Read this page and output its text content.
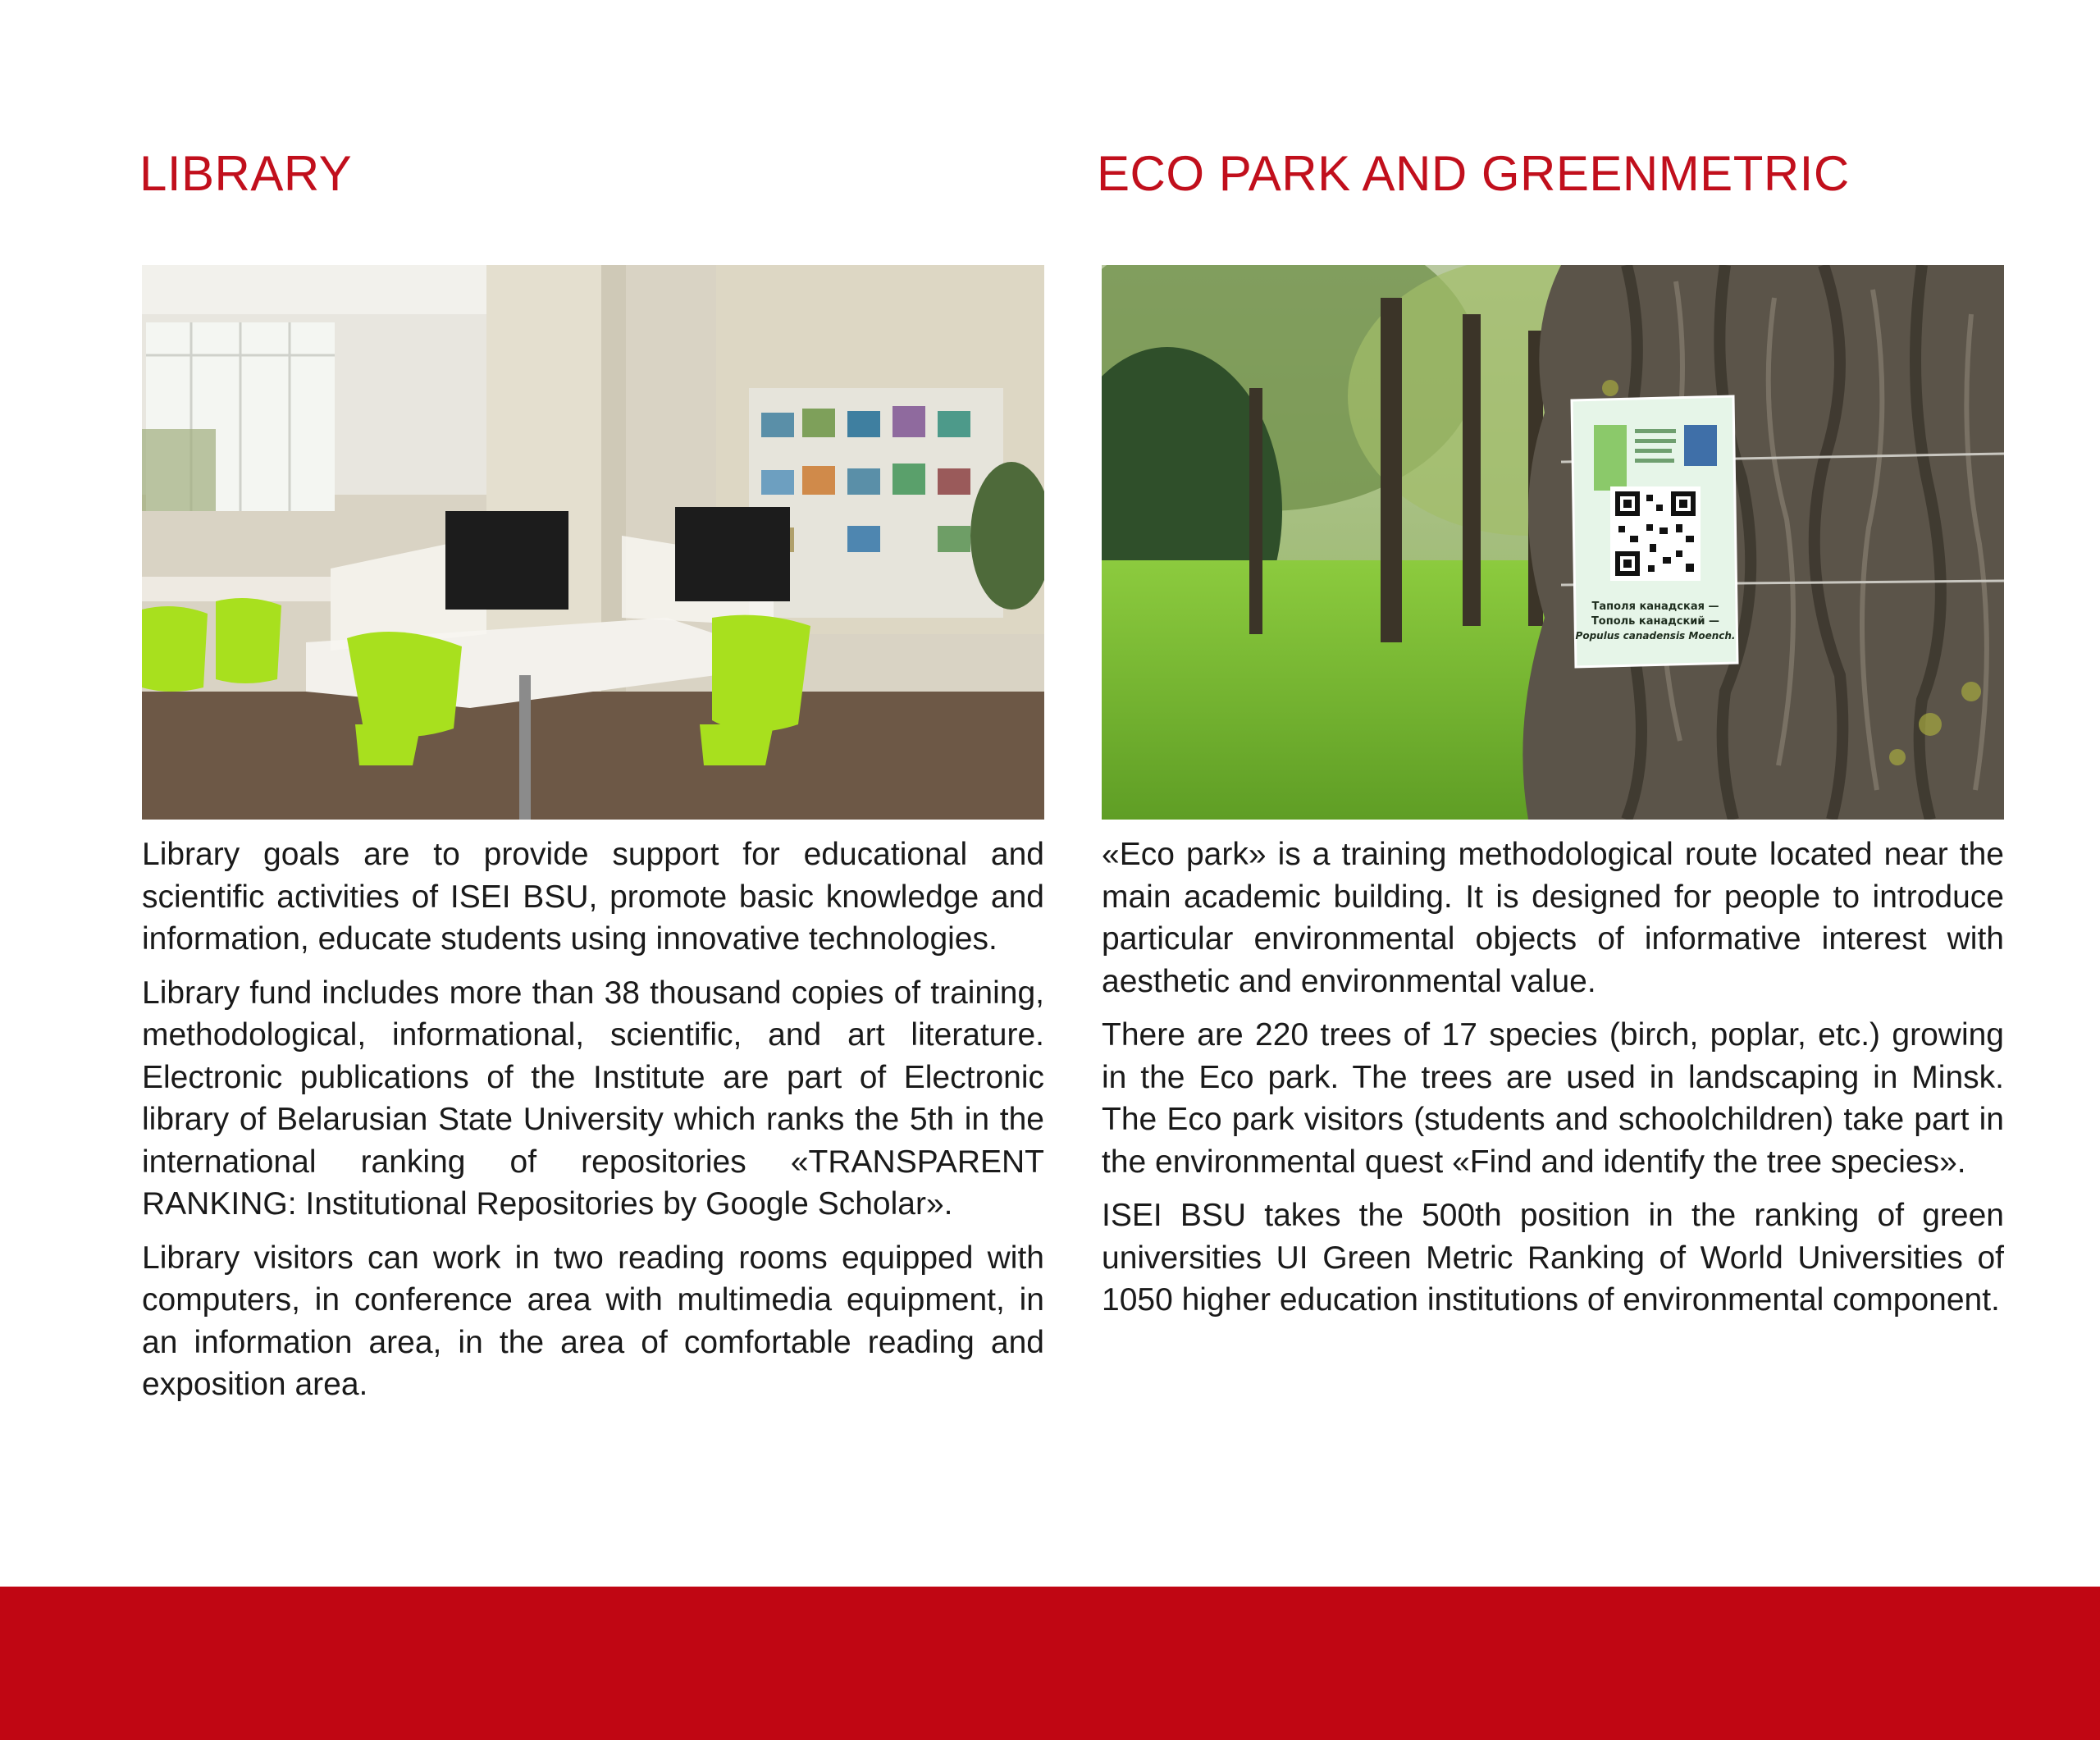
LIBRARY

Library goals are to provide support for educational and scientific activities of ISEI BSU, promote basic knowledge and information, educate students using innovative technologies.

Library fund includes more than 38 thousand copies of training, methodological, informational, scientific, and art literature. Electronic publications of the Institute are part of Electronic library of Belarusian State University which ranks the 5th in the international ranking of repositories «TRANSPARENT RANKING: Institutional Repositories by Google Scholar».

Library visitors can work in two reading rooms equipped with computers, in conference area with multimedia equipment, in an information area, in the area of comfortable reading and exposition area.

ECO PARK AND GREENMETRIC
Таполя канадская —
Тополь канадский —
Populus canadensis Moench.

«Eco park» is a training methodological route located near the main academic building. It is designed for people to introduce particular environmental objects of informative interest with aesthetic and environmental value.

There are 220 trees of 17 species (birch, poplar, etc.) growing in the Eco park. The trees are used in landscaping in Minsk. The Eco park visitors (students and schoolchildren) take part in the environmental quest «Find and identify the tree species».

ISEI BSU takes the 500th position in the ranking of green universities UI Green Metric Ranking of World Universities of 1050 higher education institutions of environmental component.
